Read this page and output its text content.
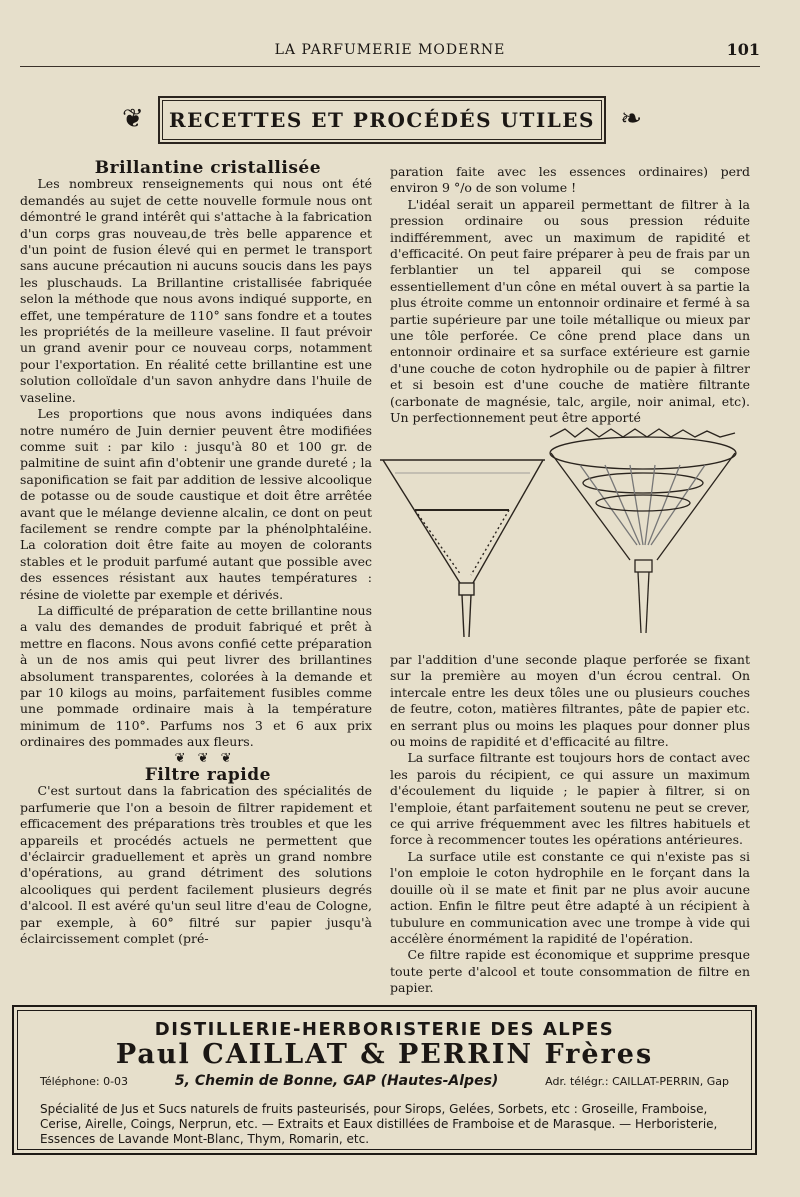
LA PARFUMERIE MODERNE	101
❦	RECETTES ET PROCÉDÉS UTILES ❧

Brillantine cristallisée

Les nombreux renseignements qui nous ont été demandés au sujet de cette nouvelle formule nous ont démontré le grand intérêt qui s'attache à la fabrication d'un corps gras nouveau,de très belle apparence et d'un point de fusion élevé qui en permet le transport sans aucune précaution ni aucuns soucis dans les pays les pluschauds. La Brillantine cristallisée fabriquée selon la méthode que nous avons indiqué supporte, en effet, une température de 110° sans fondre et a toutes les propriétés de la meilleure vaseline. Il faut prévoir un grand avenir pour ce nouveau corps, notamment pour l'exportation. En réalité cette brillantine est une solution colloïdale d'un savon anhydre dans l'huile de vaseline.

Les proportions que nous avons indiquées dans notre numéro de Juin dernier peuvent être modifiées comme suit : par kilo : jusqu'à 80 et 100 gr. de palmitine de suint afin d'obtenir une grande dureté ; la saponification se fait par addition de lessive alcoolique de potasse ou de soude caustique et doit être arrêtée avant que le mélange devienne alcalin, ce dont on peut facilement se rendre compte par la phénolphtaléine. La coloration doit être faite au moyen de colorants stables et le produit parfumé autant que possible avec des essences résistant aux hautes températures : résine de violette par exemple et dérivés.

La difficulté de préparation de cette brillantine nous a valu des demandes de produit fabriqué et prêt à mettre en flacons. Nous avons confié cette préparation à un de nos amis qui peut livrer des brillantines absolument transparentes, colorées à la demande et par 10 kilogs au moins, parfaitement fusibles comme une pommade ordinaire mais à la température minimum de 110°. Parfums nos 3 et 6 aux prix ordinaires des pommades aux fleurs.

❦ ❦ ❦

Filtre rapide

C'est surtout dans la fabrication des spécialités de parfumerie que l'on a besoin de filtrer rapidement et efficacement des préparations très troubles et que les appareils et procédés actuels ne permettent que d'éclaircir graduellement et après un grand nombre d'opérations, au grand détriment des solutions alcooliques qui perdent facilement plusieurs degrés d'alcool. Il est avéré qu'un seul litre d'eau de Cologne, par exemple, à 60° filtré sur papier jusqu'à éclaircissement complet (pré-

paration faite avec les essences ordinaires) perd environ 9 °/o de son volume !

L'idéal serait un appareil permettant de filtrer à la pression ordinaire ou sous pression réduite indifféremment, avec un maximum de rapidité et d'efficacité. On peut faire préparer à peu de frais par un ferblantier un tel appareil qui se compose essentiellement d'un cône en métal ouvert à sa partie la plus étroite comme un entonnoir ordinaire et fermé à sa partie supérieure par une toile métallique ou mieux par une tôle perforée. Ce cône prend place dans un entonnoir ordinaire et sa surface extérieure est garnie d'une couche de coton hydrophile ou de papier à filtrer et si besoin est d'une couche de matière filtrante (carbonate de magnésie, talc, argile, noir animal, etc). Un perfectionnement peut être apporté

par l'addition d'une seconde plaque perforée se fixant sur la première au moyen d'un écrou central. On intercale entre les deux tôles une ou plusieurs couches de feutre, coton, matières filtrantes, pâte de papier etc. en serrant plus ou moins les plaques pour donner plus ou moins de rapidité et d'efficacité au filtre.

La surface filtrante est toujours hors de contact avec les parois du récipient, ce qui assure un maximum d'écoulement du liquide ; le papier à filtrer, si on l'emploie, étant parfaitement soutenu ne peut se crever, ce qui arrive fréquemment avec les filtres habituels et force à recommencer toutes les opérations antérieures.

La surface utile est constante ce qui n'existe pas si l'on emploie le coton hydrophile en le forçant dans la douille où il se mate et finit par ne plus avoir aucune action. Enfin le filtre peut être adapté à un récipient à tubulure en communication avec une trompe à vide qui accélère énormément la rapidité de l'opération.

Ce filtre rapide est économique et supprime presque toute perte d'alcool et toute consommation de filtre en papier.

DISTILLERIE-HERBORISTERIE DES ALPES
Paul CAILLAT & PERRIN Frères
Téléphone: 0-03	5, Chemin de Bonne, GAP (Hautes-Alpes)	Adr. télégr.: CAILLAT-PERRIN, Gap
Spécialité de Jus et Sucs naturels de fruits pasteurisés, pour Sirops, Gelées, Sorbets, etc : Groseille, Framboise, Cerise, Airelle, Coings, Nerprun, etc. — Extraits et Eaux distillées de Framboise et de Marasque. — Herboristerie, Essences de Lavande Mont-Blanc, Thym, Romarin, etc.
